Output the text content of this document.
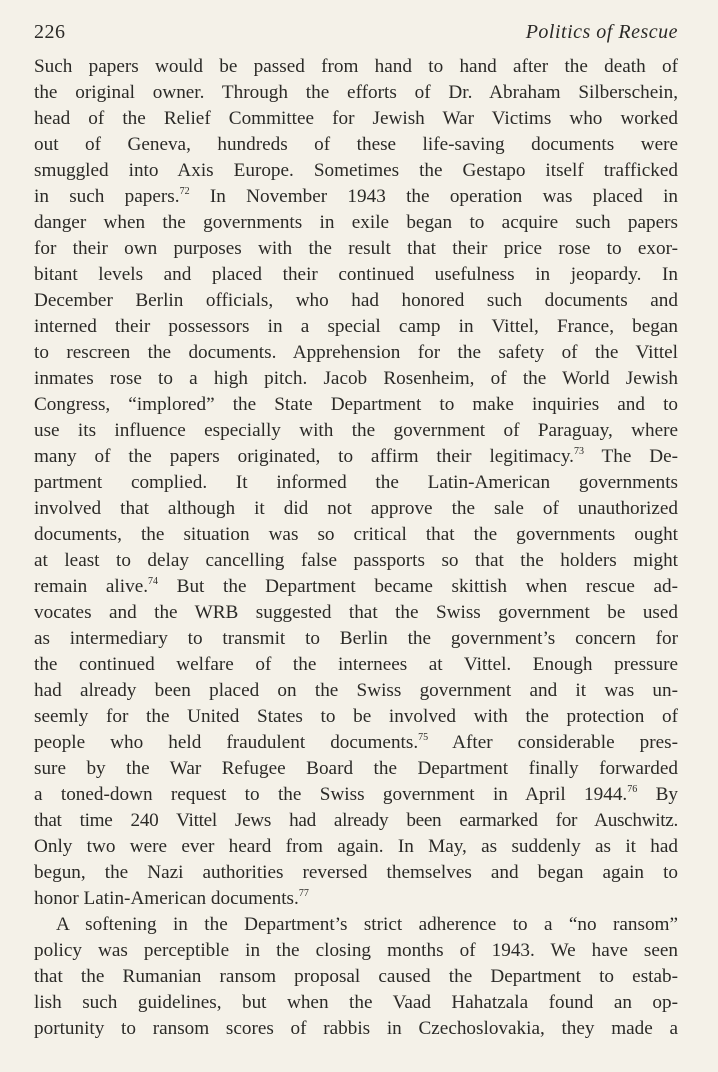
226	Politics of Rescue
Such papers would be passed from hand to hand after the death of
the original owner. Through the efforts of Dr. Abraham Silberschein,
head of the Relief Committee for Jewish War Victims who worked
out of Geneva, hundreds of these life-saving documents were
smuggled into Axis Europe. Sometimes the Gestapo itself trafficked
in such papers.$^{72}$ In November 1943 the operation was placed in
danger when the governments in exile began to acquire such papers
for their own purposes with the result that their price rose to exor-
bitant levels and placed their continued usefulness in jeopardy. In
December Berlin officials, who had honored such documents and
interned their possessors in a special camp in Vittel, France, began
to rescreen the documents. Apprehension for the safety of the Vittel
inmates rose to a high pitch. Jacob Rosenheim, of the World Jewish
Congress, “implored” the State Department to make inquiries and to
use its influence especially with the government of Paraguay, where
many of the papers originated, to affirm their legitimacy.$^{73}$ The De-
partment complied. It informed the Latin-American governments
involved that although it did not approve the sale of unauthorized
documents, the situation was so critical that the governments ought
at least to delay cancelling false passports so that the holders might
remain alive.$^{74}$ But the Department became skittish when rescue ad-
vocates and the WRB suggested that the Swiss government be used
as intermediary to transmit to Berlin the government’s concern for
the continued welfare of the internees at Vittel. Enough pressure
had already been placed on the Swiss government and it was un-
seemly for the United States to be involved with the protection of
people who held fraudulent documents.$^{75}$ After considerable pres-
sure by the War Refugee Board the Department finally forwarded
a toned-down request to the Swiss government in April 1944.76 By
that time 240 Vittel Jews had already been earmarked for Auschwitz.
Only two were ever heard from again. In May, as suddenly as it had
begun, the Nazi authorities reversed themselves and began again to
honor Latin-American documents.$^{77}$
A softening in the Department’s strict adherence to a “no ransom”
policy was perceptible in the closing months of 1943. We have seen
that the Rumanian ransom proposal caused the Department to estab-
lish such guidelines, but when the Vaad Hahatzala found an op-
portunity to ransom scores of rabbis in Czechoslovakia, they made a
